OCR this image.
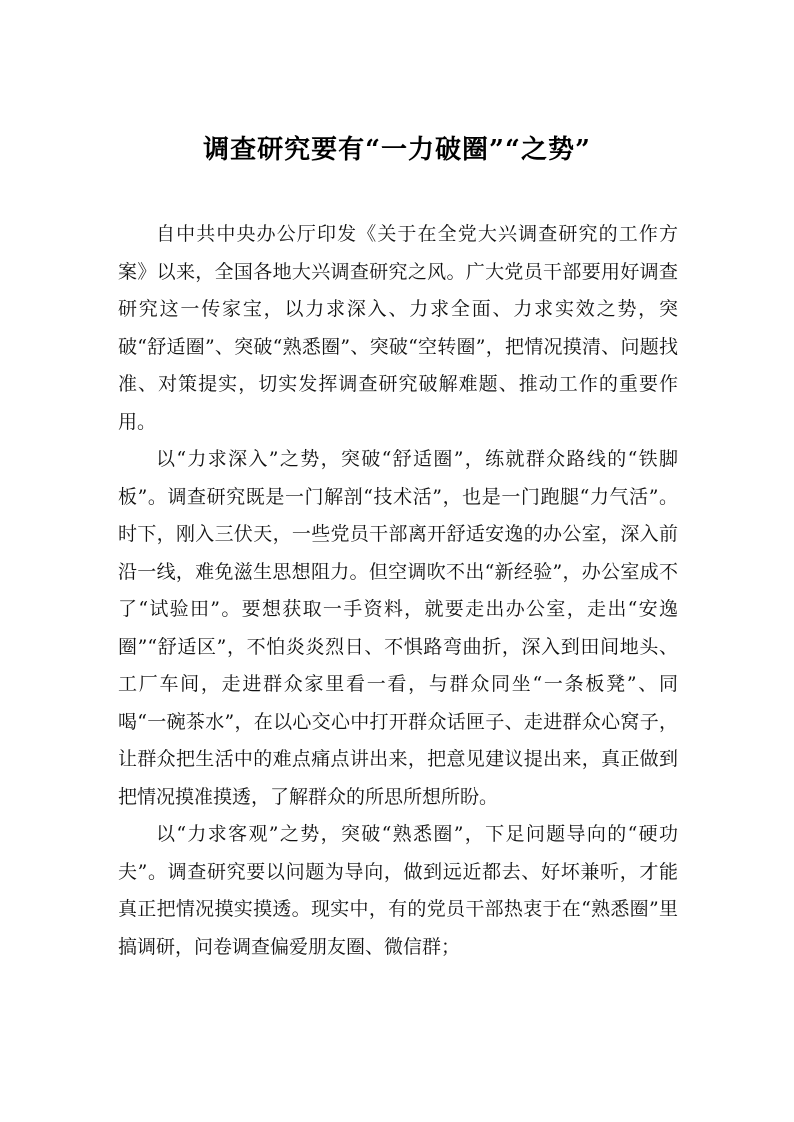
调查研究要有“一力破圈”“之势”

自中共中央办公厅印发《关于在全党大兴调查研究的工作方案》以来，全国各地大兴调查研究之风。广大党员干部要用好调查研究这一传家宝，以力求深入、力求全面、力求实效之势，突破“舒适圈”、突破“熟悉圈”、突破“空转圈”，把情况摸清、问题找准、对策提实，切实发挥调查研究破解难题、推动工作的重要作用。

以“力求深入”之势，突破“舒适圈”，练就群众路线的“铁脚板”。调查研究既是一门解剖“技术活”，也是一门跑腿“力气活”。时下，刚入三伏天，一些党员干部离开舒适安逸的办公室，深入前沿一线，难免滋生思想阻力。但空调吹不出“新经验”，办公室成不了“试验田”。要想获取一手资料，就要走出办公室，走出“安逸圈”“舒适区”，不怕炎炎烈日、不惧路弯曲折，深入到田间地头、工厂车间，走进群众家里看一看，与群众同坐“一条板凳”、同喝“一碗茶水”，在以心交心中打开群众话匣子、走进群众心窝子，让群众把生活中的难点痛点讲出来，把意见建议提出来，真正做到把情况摸准摸透，了解群众的所思所想所盼。

以“力求客观”之势，突破“熟悉圈”，下足问题导向的“硬功夫”。调查研究要以问题为导向，做到远近都去、好坏兼听，才能真正把情况摸实摸透。现实中，有的党员干部热衷于在“熟悉圈”里搞调研，问卷调查偏爱朋友圈、微信群；
